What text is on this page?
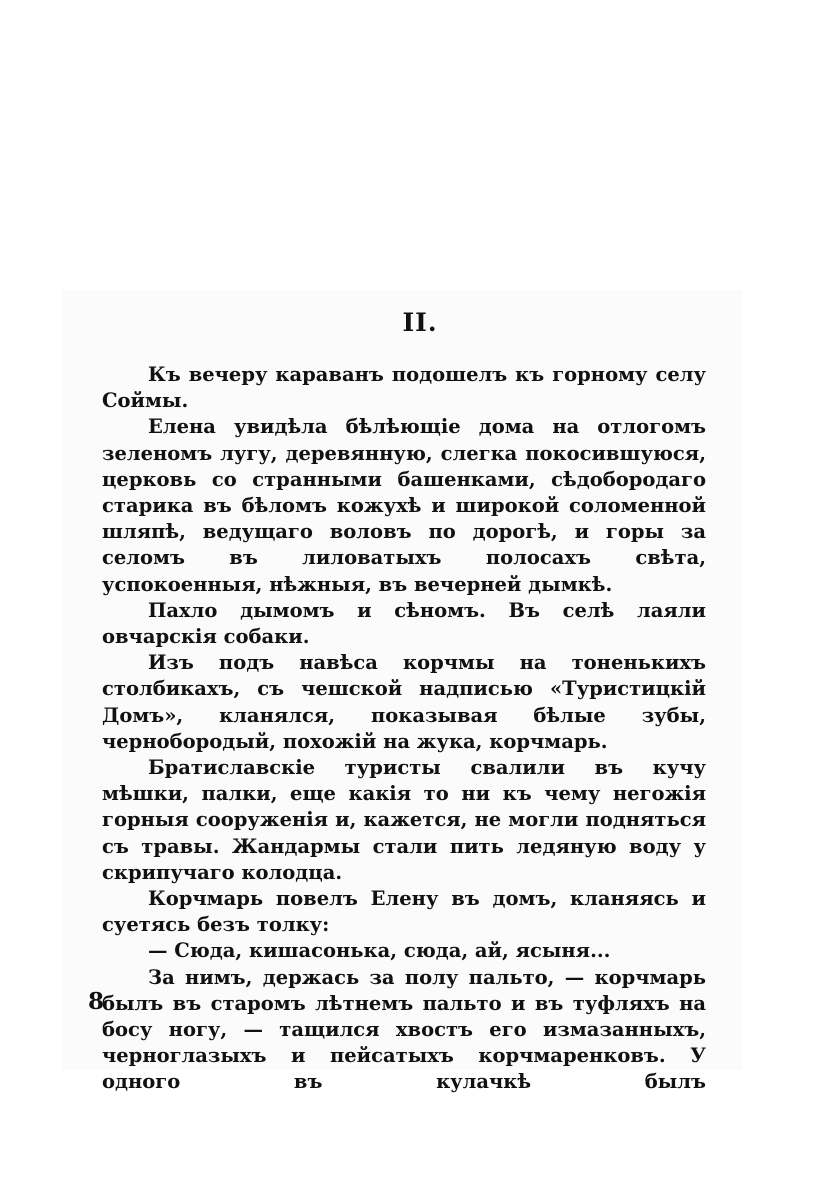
II.

Къ вечеру караванъ подошелъ къ горному селу Соймы.

Елена увидѣла бѣлѣющіе дома на отлогомъ зеленомъ лугу, деревянную, слегка покосившуюся, церковь со странными башенками, сѣдобородаго старика въ бѣломъ кожухѣ и широкой соломенной шляпѣ, ведущаго воловъ по дорогѣ, и горы за селомъ въ лиловатыхъ полосахъ свѣта, успокоенныя, нѣжныя, въ вечерней дымкѣ.

Пахло дымомъ и сѣномъ. Въ селѣ лаяли овчарскія собаки.

Изъ подъ навѣса корчмы на тоненькихъ столбикахъ, съ чешской надписью «Туристицкій Домъ», кланялся, показывая бѣлые зубы, чернобородый, похожій на жука, корчмарь.

Братиславскіе туристы свалили въ кучу мѣшки, палки, еще какія то ни къ чему негожія горныя сооруженія и, кажется, не могли подняться съ травы. Жандармы стали пить ледяную воду у скрипучаго колодца.

Корчмарь повелъ Елену въ домъ, кланяясь и суетясь безъ толку:

— Сюда, кишасонька, сюда, ай, ясыня...

За нимъ, держась за полу пальто, — корчмарь былъ въ старомъ лѣтнемъ пальто и въ туфляхъ на босу ногу, — тащился хвостъ его измазанныхъ, черноглазыхъ и пейсатыхъ корчмаренковъ. У одного въ кулачкѣ былъ

8
